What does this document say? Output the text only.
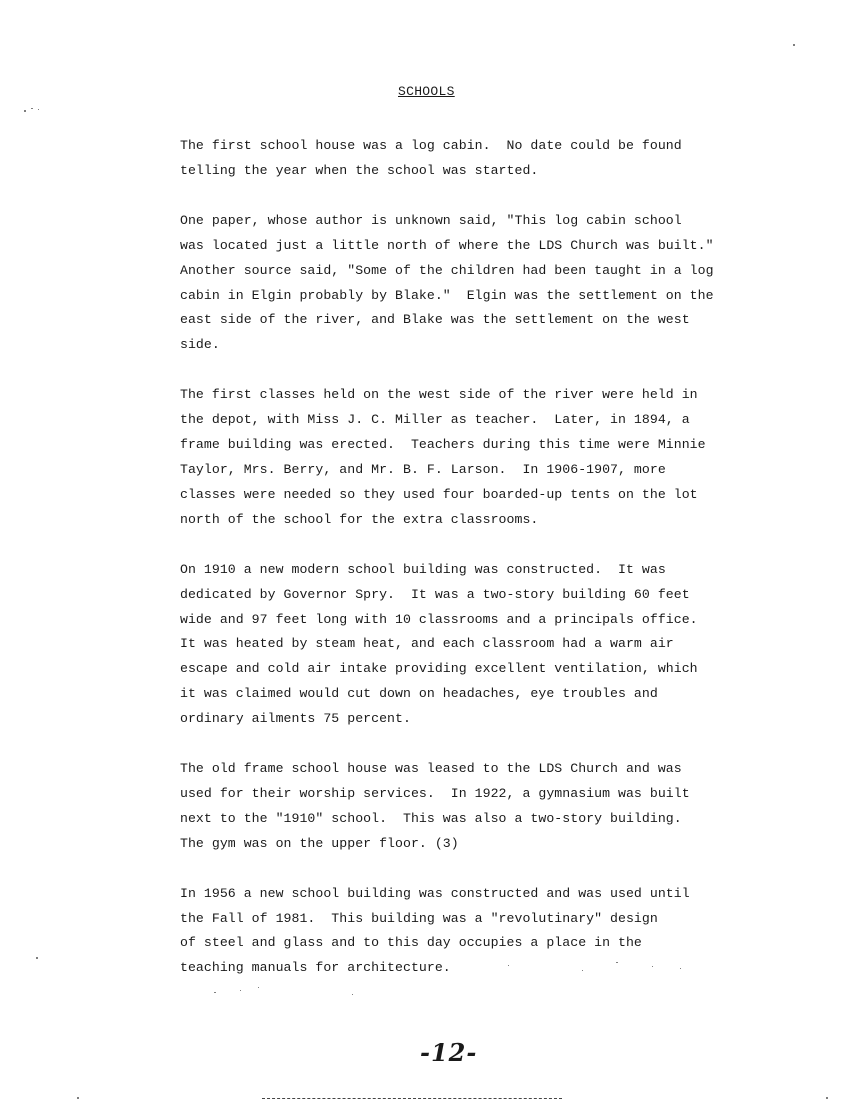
SCHOOLS
The first school house was a log cabin.  No date could be found
telling the year when the school was started.
One paper, whose author is unknown said, "This log cabin school
was located just a little north of where the LDS Church was built."
Another source said, "Some of the children had been taught in a log
cabin in Elgin probably by Blake."  Elgin was the settlement on the
east side of the river, and Blake was the settlement on the west
side.
The first classes held on the west side of the river were held in
the depot, with Miss J. C. Miller as teacher.  Later, in 1894, a
frame building was erected.  Teachers during this time were Minnie
Taylor, Mrs. Berry, and Mr. B. F. Larson.  In 1906-1907, more
classes were needed so they used four boarded-up tents on the lot
north of the school for the extra classrooms.
On 1910 a new modern school building was constructed.  It was
dedicated by Governor Spry.  It was a two-story building 60 feet
wide and 97 feet long with 10 classrooms and a principals office.
It was heated by steam heat, and each classroom had a warm air
escape and cold air intake providing excellent ventilation, which
it was claimed would cut down on headaches, eye troubles and
ordinary ailments 75 percent.
The old frame school house was leased to the LDS Church and was
used for their worship services.  In 1922, a gymnasium was built
next to the "1910" school.  This was also a two-story building.
The gym was on the upper floor. (3)
In 1956 a new school building was constructed and was used until
the Fall of 1981.  This building was a "revolutinary" design
of steel and glass and to this day occupies a place in the
teaching manuals for architecture.
-12-
